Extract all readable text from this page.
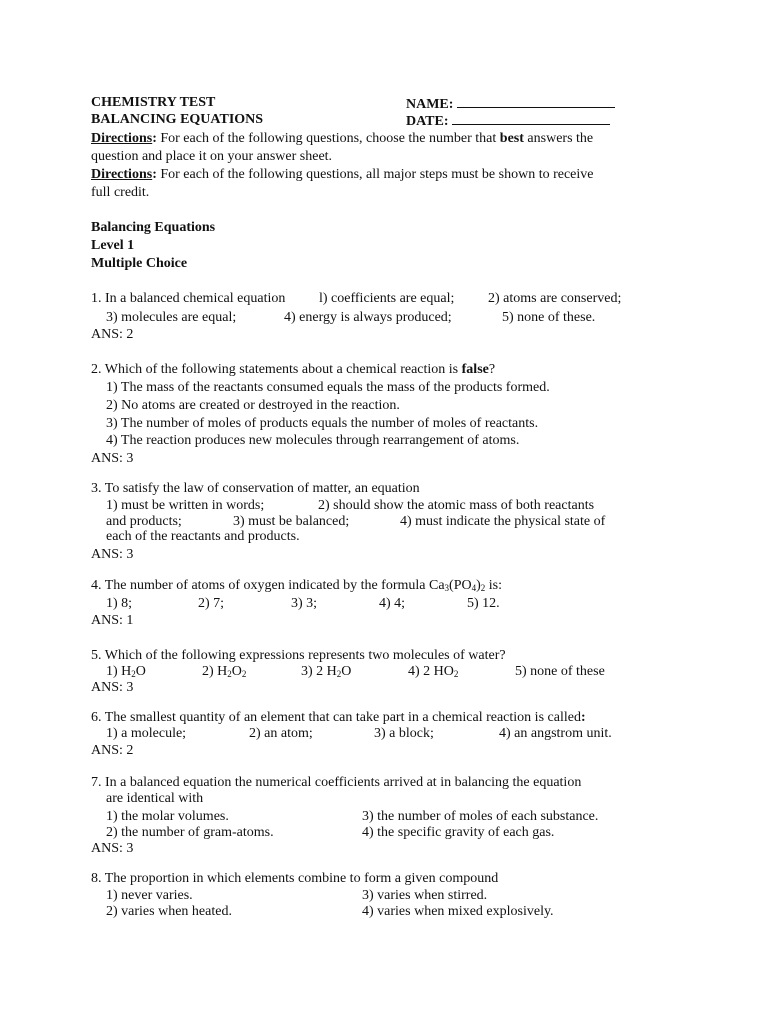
CHEMISTRY TEST	NAME:
BALANCING EQUATIONS	DATE:
Directions: For each of the following questions, choose the number that best answers the
question and place it on your answer sheet.
Directions: For each of the following questions, all major steps must be shown to receive
full credit.
Balancing Equations
Level 1
Multiple Choice
1. In a balanced chemical equation l) coefficients are equal; 2) atoms are conserved;
3) molecules are equal;	4) energy is always produced;	5) none of these.
ANS: 2
2. Which of the following statements about a chemical reaction is false?
1) The mass of the reactants consumed equals the mass of the products formed.
2) No atoms are created or destroyed in the reaction.
3) The number of moles of products equals the number of moles of reactants.
4) The reaction produces new molecules through rearrangement of atoms.
ANS: 3
3. To satisfy the law of conservation of matter, an equation
1) must be written in words;	2) should show the atomic mass of both reactants
and products;	3) must be balanced;	4) must indicate the physical state of
each of the reactants and products.
ANS: 3
4. The number of atoms of oxygen indicated by the formula $Ca_3(PO_4)_2$ is:
1) 8;	2) 7;	3) 3;	4) 4;	5) 12.
ANS: 1
5. Which of the following expressions represents two molecules of water?
1) $H_2O$	2) $H_2O_2$	3) 2 $H_2O$	4) 2 $HO_2$	5) none of these
ANS: 3
6. The smallest quantity of an element that can take part in a chemical reaction is called:
1) a molecule;	2) an atom;	3) a block;	4) an angstrom unit.
ANS: 2
7. In a balanced equation the numerical coefficients arrived at in balancing the equation
are identical with
1) the molar volumes.	3) the number of moles of each substance.
2) the number of gram-atoms.	4) the specific gravity of each gas.
ANS: 3
8. The proportion in which elements combine to form a given compound
1) never varies.	3) varies when stirred.
2) varies when heated.	4) varies when mixed explosively.
